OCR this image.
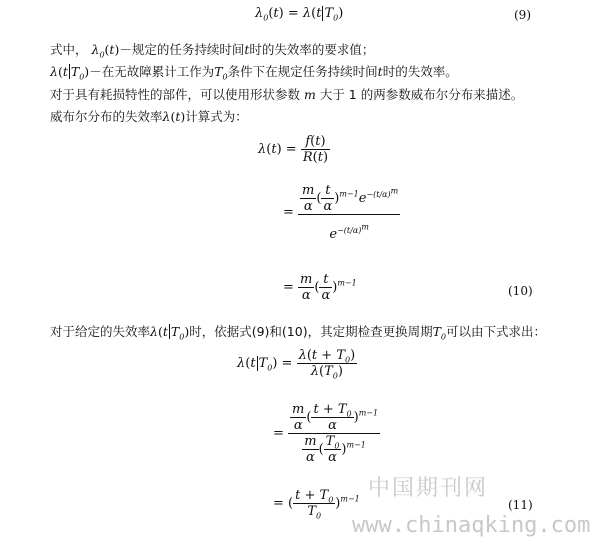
$\lambda_0(t) = \lambda(t$ $T_0$)	(9)
式中， $\lambda_0(t)-$规定的任务持续时间t时的失效率的要求值；
λ(t $T_0)-$在无故障累计工作为$T_0$条件下在规定任务持续时间t时的失效率。
对于具有耗损特性的部件，可以使用形状参数 m 大于 1 的两参数威布尔分布来描述。
威布尔分布的失效率λ(t)计算式为：
$\lambda(t) = \frac{f(t)}{R(t)}$
= $\frac{\frac{m}{\alpha} ( \frac{t}{\alpha} )^{m-1}e^{-(t/\alpha)^m}}{e^{-(t/\alpha)^m}}$
= $\frac{m}{\alpha}$ ( $\frac{t}{\alpha} )^{m-1}$
(10)
对于给定的失效率λ(t $T_0$)时，依据式(9)和(10)，其定期检查更换周期$T_0$可以由下式求出：
λ(t $T_0) = \frac{\lambda(t + T_0)}{\lambda(T_0)}$
= $\frac{\frac{m}{\alpha} ( \frac{t + T_0}{\alpha} )^{m-1}}{\frac{m}{\alpha} ( \frac{T_0}{\alpha} )^{m-1}}$
= ( $\frac{t + T_0}{T_0} )^{m-1}$	(11)
中国期刊网
www.chinaqking.com
